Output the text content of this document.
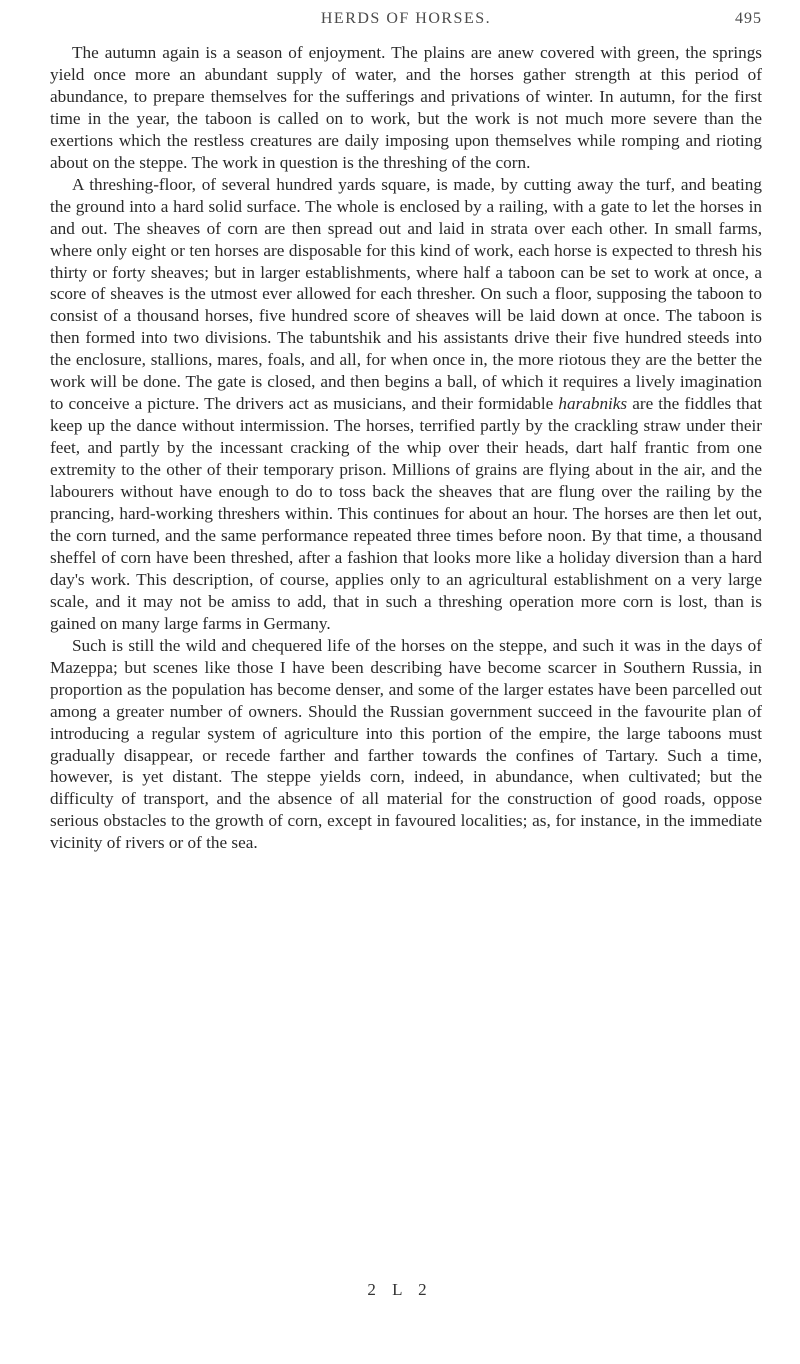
HERDS OF HORSES.	495

The autumn again is a season of enjoyment. The plains are anew covered with green, the springs yield once more an abundant supply of water, and the horses gather strength at this period of abundance, to prepare themselves for the sufferings and privations of winter. In autumn, for the first time in the year, the taboon is called on to work, but the work is not much more severe than the exertions which the restless creatures are daily imposing upon themselves while romping and rioting about on the steppe. The work in question is the threshing of the corn.

A threshing-floor, of several hundred yards square, is made, by cutting away the turf, and beating the ground into a hard solid surface. The whole is enclosed by a railing, with a gate to let the horses in and out. The sheaves of corn are then spread out and laid in strata over each other. In small farms, where only eight or ten horses are disposable for this kind of work, each horse is expected to thresh his thirty or forty sheaves; but in larger establishments, where half a taboon can be set to work at once, a score of sheaves is the utmost ever allowed for each thresher. On such a floor, supposing the taboon to consist of a thousand horses, five hundred score of sheaves will be laid down at once. The taboon is then formed into two divisions. The tabuntshik and his assistants drive their five hundred steeds into the enclosure, stallions, mares, foals, and all, for when once in, the more riotous they are the better the work will be done. The gate is closed, and then begins a ball, of which it requires a lively imagination to conceive a picture. The drivers act as musicians, and their formidable harabniks are the fiddles that keep up the dance without intermission. The horses, terrified partly by the crackling straw under their feet, and partly by the incessant cracking of the whip over their heads, dart half frantic from one extremity to the other of their temporary prison. Millions of grains are flying about in the air, and the labourers without have enough to do to toss back the sheaves that are flung over the railing by the prancing, hard-working threshers within. This continues for about an hour. The horses are then let out, the corn turned, and the same performance repeated three times before noon. By that time, a thousand sheffel of corn have been threshed, after a fashion that looks more like a holiday diversion than a hard day's work. This description, of course, applies only to an agricultural establishment on a very large scale, and it may not be amiss to add, that in such a threshing operation more corn is lost, than is gained on many large farms in Germany.

Such is still the wild and chequered life of the horses on the steppe, and such it was in the days of Mazeppa; but scenes like those I have been describing have become scarcer in Southern Russia, in proportion as the population has become denser, and some of the larger estates have been parcelled out among a greater number of owners. Should the Russian government succeed in the favourite plan of introducing a regular system of agriculture into this portion of the empire, the large taboons must gradually disappear, or recede farther and farther towards the confines of Tartary. Such a time, however, is yet distant. The steppe yields corn, indeed, in abundance, when cultivated; but the difficulty of transport, and the absence of all material for the construction of good roads, oppose serious obstacles to the growth of corn, except in favoured localities; as, for instance, in the immediate vicinity of rivers or of the sea.

2 L 2
